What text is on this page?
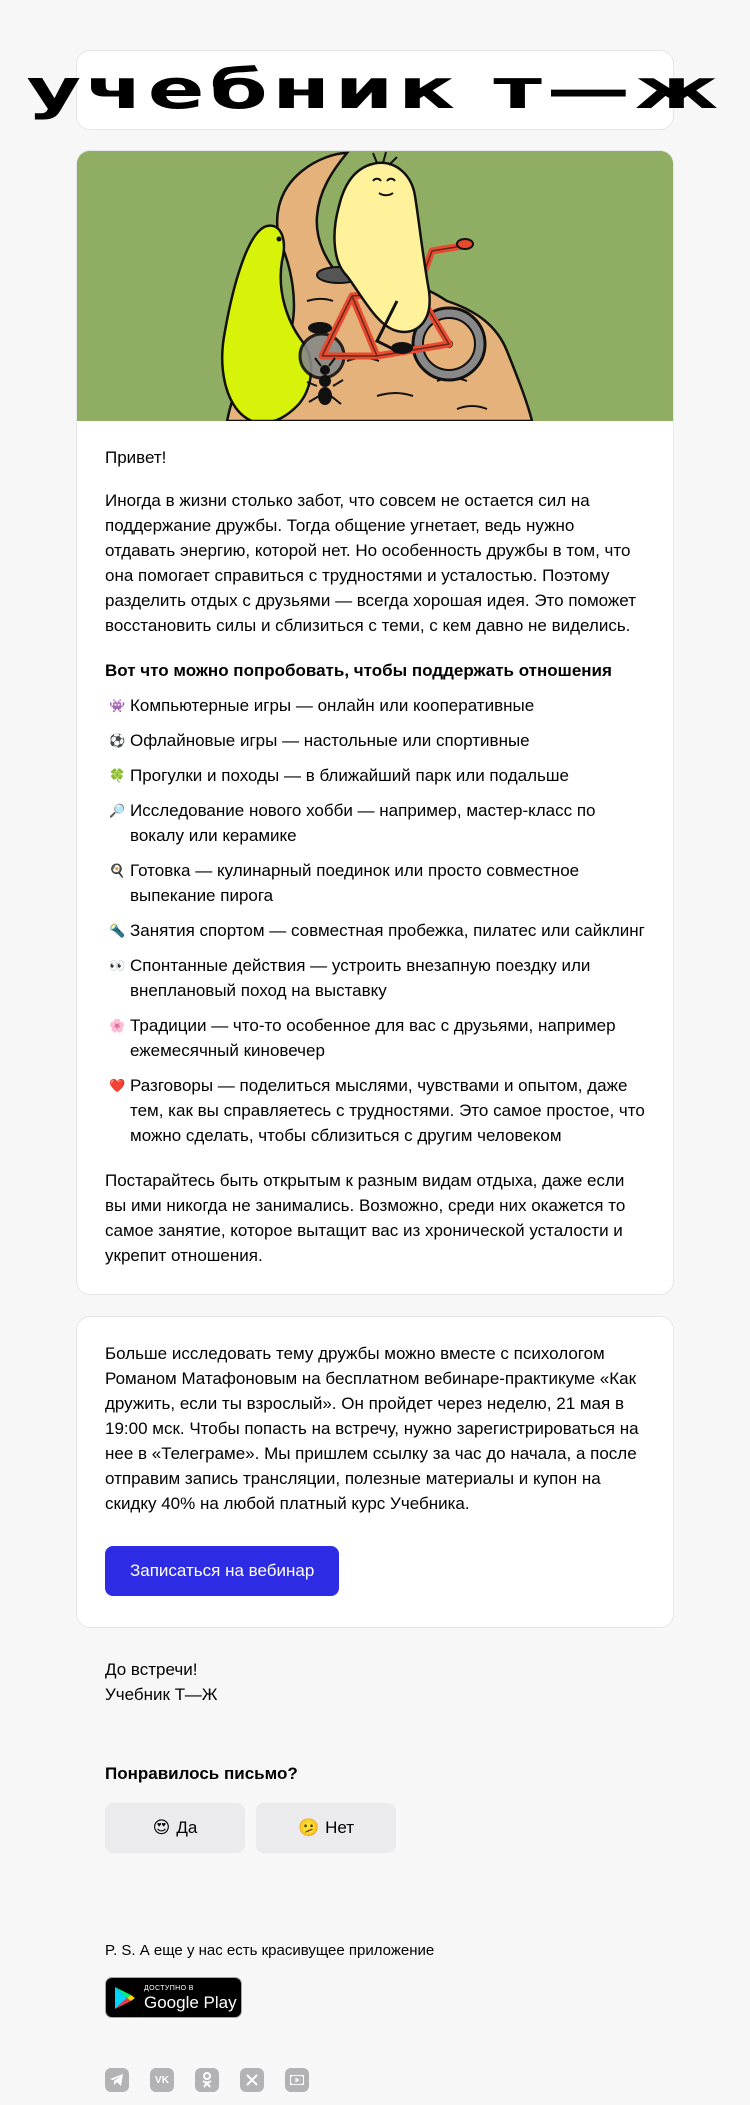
учебник т—ж

Привет!

Иногда в жизни столько забот, что совсем не остается сил на поддержание дружбы. Тогда общение угнетает, ведь нужно отдавать энергию, которой нет. Но особенность дружбы в том, что она помогает справиться с трудностями и усталостью. Поэтому разделить отдых с друзьями — всегда хорошая идея. Это поможет восстановить силы и сблизиться с теми, с кем давно не виделись.

Вот что можно попробовать, чтобы поддержать отношения

👾 Компьютерные игры — онлайн или кооперативные
⚽ Офлайновые игры — настольные или спортивные
🍀 Прогулки и походы — в ближайший парк или подальше
🔎 Исследование нового хобби — например, мастер-класс по вокалу или керамике
🍳 Готовка — кулинарный поединок или просто совместное выпекание пирога
🔦 Занятия спортом — совместная пробежка, пилатес или сайклинг
👀 Спонтанные действия — устроить внезапную поездку или внеплановый поход на выставку
🌸 Традиции — что-то особенное для вас с друзьями, например ежемесячный киновечер
❤️ Разговоры — поделиться мыслями, чувствами и опытом, даже тем, как вы справляетесь с трудностями. Это самое простое, что можно сделать, чтобы сблизиться с другим человеком

Постарайтесь быть открытым к разным видам отдыха, даже если вы ими никогда не занимались. Возможно, среди них окажется то самое занятие, которое вытащит вас из хронической усталости и укрепит отношения.

Больше исследовать тему дружбы можно вместе с психологом Романом Матафоновым на бесплатном вебинаре-практикуме «Как дружить, если ты взрослый». Он пройдет через неделю, 21 мая в 19:00 мск. Чтобы попасть на встречу, нужно зарегистрироваться на нее в «Телеграме». Мы пришлем ссылку за час до начала, а после отправим запись трансляции, полезные материалы и купон на скидку 40% на любой платный курс Учебника.

Записаться на вебинар
До встречи!
Учебник Т—Ж
Понравилось письмо?
😍 Да	🫤 Нет
P. S. А еще у нас есть красивущее приложение
ДОСТУПНО В
Google Play
VK
